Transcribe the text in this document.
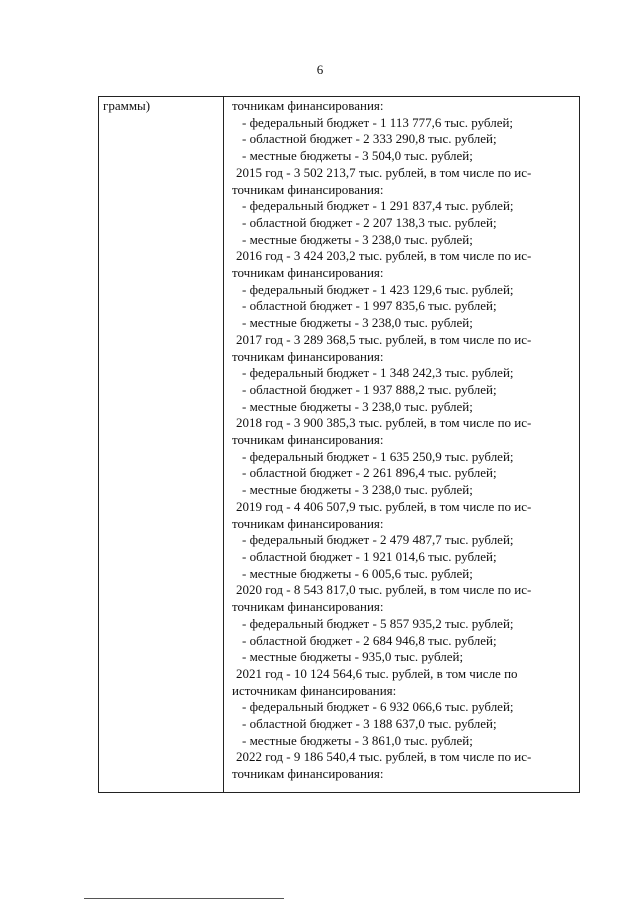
6
граммы)	точникам финансирования:
- федеральный бюджет - 1 113 777,6 тыс. рублей;
- областной бюджет - 2 333 290,8 тыс. рублей;
- местные бюджеты - 3 504,0 тыс. рублей;
2015 год - 3 502 213,7 тыс. рублей, в том числе по ис-
точникам финансирования:
- федеральный бюджет - 1 291 837,4 тыс. рублей;
- областной бюджет - 2 207 138,3 тыс. рублей;
- местные бюджеты - 3 238,0 тыс. рублей;
2016 год - 3 424 203,2 тыс. рублей, в том числе по ис-
точникам финансирования:
- федеральный бюджет - 1 423 129,6 тыс. рублей;
- областной бюджет - 1 997 835,6 тыс. рублей;
- местные бюджеты - 3 238,0 тыс. рублей;
2017 год - 3 289 368,5 тыс. рублей, в том числе по ис-
точникам финансирования:
- федеральный бюджет - 1 348 242,3 тыс. рублей;
- областной бюджет - 1 937 888,2 тыс. рублей;
- местные бюджеты - 3 238,0 тыс. рублей;
2018 год - 3 900 385,3 тыс. рублей, в том числе по ис-
точникам финансирования:
- федеральный бюджет - 1 635 250,9 тыс. рублей;
- областной бюджет - 2 261 896,4 тыс. рублей;
- местные бюджеты - 3 238,0 тыс. рублей;
2019 год - 4 406 507,9 тыс. рублей, в том числе по ис-
точникам финансирования:
- федеральный бюджет - 2 479 487,7 тыс. рублей;
- областной бюджет - 1 921 014,6 тыс. рублей;
- местные бюджеты - 6 005,6 тыс. рублей;
2020 год - 8 543 817,0 тыс. рублей, в том числе по ис-
точникам финансирования:
- федеральный бюджет - 5 857 935,2 тыс. рублей;
- областной бюджет - 2 684 946,8 тыс. рублей;
- местные бюджеты - 935,0 тыс. рублей;
2021 год - 10 124 564,6 тыс. рублей, в том числе по
источникам финансирования:
- федеральный бюджет - 6 932 066,6 тыс. рублей;
- областной бюджет - 3 188 637,0 тыс. рублей;
- местные бюджеты - 3 861,0 тыс. рублей;
2022 год - 9 186 540,4 тыс. рублей, в том числе по ис-
точникам финансирования:
